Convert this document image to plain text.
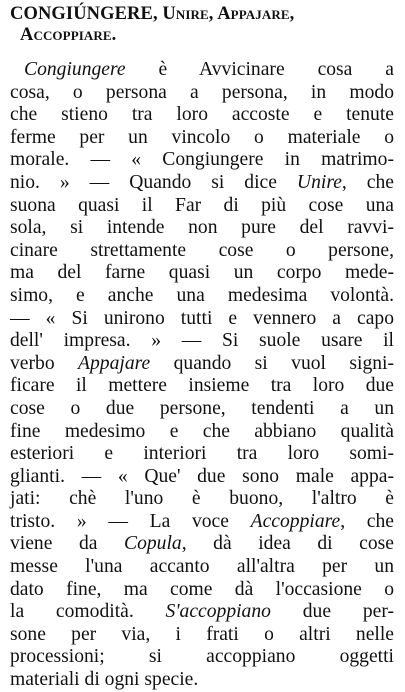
CONGIÚNGERE, Unire, Appajare,
Accoppiare.
Congiungere è Avvicinare cosa a
cosa, o persona a persona, in modo
che stieno tra loro accoste e tenute
ferme per un vincolo o materiale o
morale. — « Congiungere in matrimo-
nio. » — Quando si dice Unire, che
suona quasi il Far di più cose una
sola, si intende non pure del ravvi-
cinare strettamente cose o persone,
ma del farne quasi un corpo mede-
simo, e anche una medesima volontà.
— « Si unirono tutti e vennero a capo
dell' impresa. » — Si suole usare il
verbo Appajare quando si vuol signi-
ficare il mettere insieme tra loro due
cose o due persone, tendenti a un
fine medesimo e che abbiano qualità
esteriori e interiori tra loro somi-
glianti. — « Que' due sono male appa-
jati: chè l'uno è buono, l'altro è
tristo. » — La voce Accoppiare, che
viene da Copula, dà idea di cose
messe l'una accanto all'altra per un
dato fine, ma come dà l'occasione o
la comodità. S'accoppiano due per-
sone per via, i frati o altri nelle
processioni; si accoppiano oggetti
materiali di ogni specie.
